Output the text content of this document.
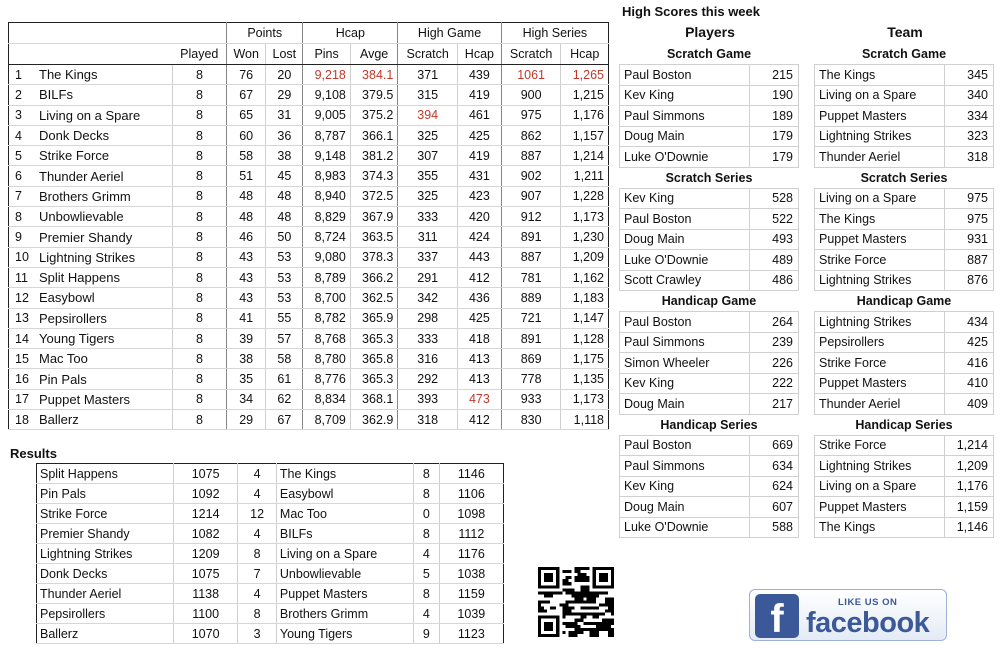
			Points		Hcap		High Game		High Series	
		Played	Won	Lost	Pins	Avge	Scratch	Hcap	Scratch	Hcap
1	The Kings	8	76	20	9,218	384.1	371	439	1061	1,265
2	BILFs	8	67	29	9,108	379.5	315	419	900	1,215
3	Living on a Spare	8	65	31	9,005	375.2	394	461	975	1,176
4	Donk Decks	8	60	36	8,787	366.1	325	425	862	1,157
5	Strike Force	8	58	38	9,148	381.2	307	419	887	1,214
6	Thunder Aeriel	8	51	45	8,983	374.3	355	431	902	1,211
7	Brothers Grimm	8	48	48	8,940	372.5	325	423	907	1,228
8	Unbowlievable	8	48	48	8,829	367.9	333	420	912	1,173
9	Premier Shandy	8	46	50	8,724	363.5	311	424	891	1,230
10	Lightning Strikes	8	43	53	9,080	378.3	337	443	887	1,209
11	Split Happens	8	43	53	8,789	366.2	291	412	781	1,162
12	Easybowl	8	43	53	8,700	362.5	342	436	889	1,183
13	Pepsirollers	8	41	55	8,782	365.9	298	425	721	1,147
14	Young Tigers	8	39	57	8,768	365.3	333	418	891	1,128
15	Mac Too	8	38	58	8,780	365.8	316	413	869	1,175
16	Pin Pals	8	35	61	8,776	365.3	292	413	778	1,135
17	Puppet Masters	8	34	62	8,834	368.1	393	473	933	1,173
18	Ballerz	8	29	67	8,709	362.9	318	412	830	1,118
High Scores this week
Players	Team
Scratch Game	
Paul Boston	215
Kev King	190
Paul Simmons	189
Doug Main	179
Luke O'Downie	179
Scratch Series	
Kev King	528
Paul Boston	522
Doug Main	493
Luke O'Downie	489
Scott Crawley	486
Handicap Game	
Paul Boston	264
Paul Simmons	239
Simon Wheeler	226
Kev King	222
Doug Main	217
Handicap Series	
Paul Boston	669
Paul Simmons	634
Kev King	624
Doug Main	607
Luke O'Downie	588
Scratch Game	
The Kings	345
Living on a Spare	340
Puppet Masters	334
Lightning Strikes	323
Thunder Aeriel	318
Scratch Series	
Living on a Spare	975
The Kings	975
Puppet Masters	931
Strike Force	887
Lightning Strikes	876
Handicap Game	
Lightning Strikes	434
Pepsirollers	425
Strike Force	416
Puppet Masters	410
Thunder Aeriel	409
Handicap Series	
Strike Force	1,214
Lightning Strikes	1,209
Living on a Spare	1,176
Puppet Masters	1,159
The Kings	1,146
Results
Split Happens	1075	4	The Kings	8	1146
Pin Pals	1092	4	Easybowl	8	1106
Strike Force	1214	12	Mac Too	0	1098
Premier Shandy	1082	4	BILFs	8	1112
Lightning Strikes	1209	8	Living on a Spare	4	1176
Donk Decks	1075	7	Unbowlievable	5	1038
Thunder Aeriel	1138	4	Puppet Masters	8	1159
Pepsirollers	1100	8	Brothers Grimm	4	1039
Ballerz	1070	3	Young Tigers	9	1123	f	LIKE US ON
facebook
